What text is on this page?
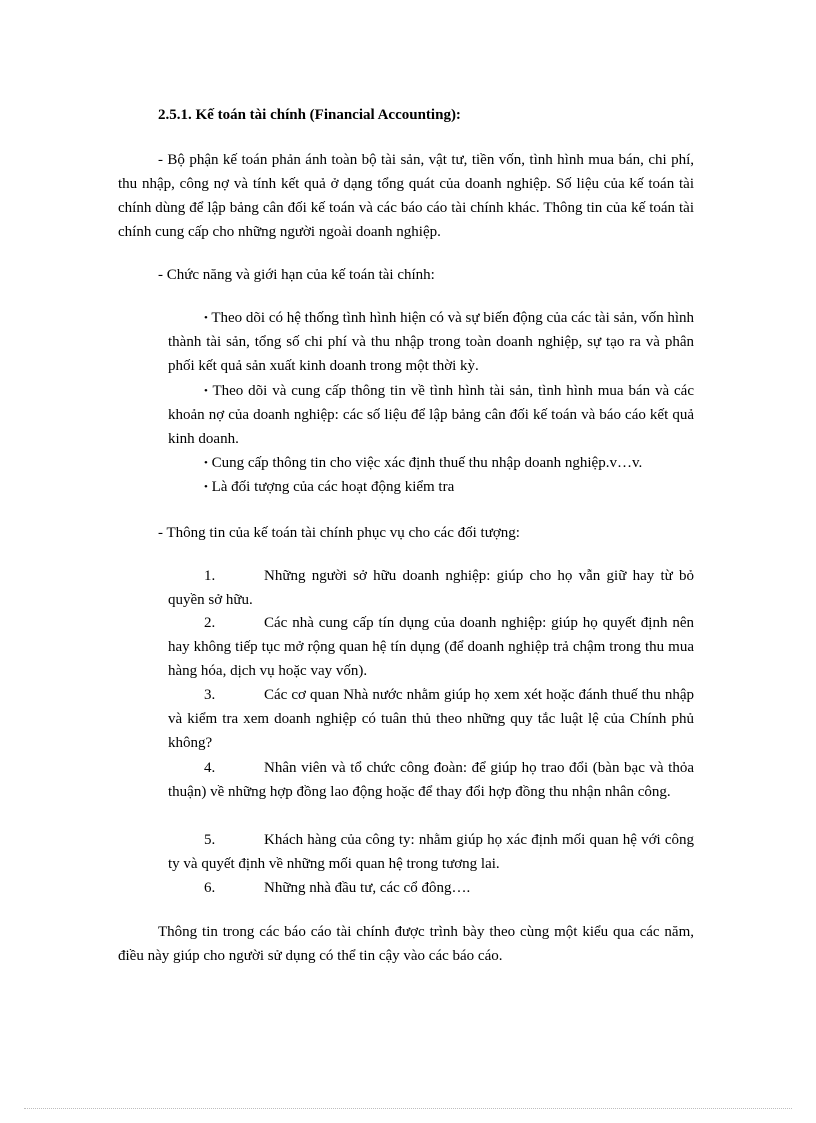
2.5.1. Kế toán tài chính (Financial Accounting):

- Bộ phận kế toán phản ánh toàn bộ tài sản, vật tư, tiền vốn, tình hình mua bán, chi phí, thu nhập, công nợ và tính kết quả ở dạng tổng quát của doanh nghiệp. Số liệu của kế toán tài chính dùng để lập bảng cân đối kế toán và các báo cáo tài chính khác. Thông tin của kế toán tài chính cung cấp cho những người ngoài doanh nghiệp.

- Chức năng và giới hạn của kế toán tài chính:

• Theo dõi có hệ thống tình hình hiện có và sự biến động của các tài sản, vốn hình thành tài sản, tổng số chi phí và thu nhập trong toàn doanh nghiệp, sự tạo ra và phân phối kết quả sản xuất kinh doanh trong một thời kỳ.

• Theo dõi và cung cấp thông tin về tình hình tài sản, tình hình mua bán và các khoản nợ của doanh nghiệp: các số liệu để lập bảng cân đối kế toán và báo cáo kết quả kinh doanh.

• Cung cấp thông tin cho việc xác định thuế thu nhập doanh nghiệp.v…v.

• Là đối tượng của các hoạt động kiểm tra

- Thông tin của kế toán tài chính phục vụ cho các đối tượng:

1.	Những người sở hữu doanh nghiệp: giúp cho họ vẫn giữ hay từ bỏ quyền sở hữu.

2.	Các nhà cung cấp tín dụng của doanh nghiệp: giúp họ quyết định nên hay không tiếp tục mở rộng quan hệ tín dụng (để doanh nghiệp trả chậm trong thu mua hàng hóa, dịch vụ hoặc vay vốn).

3.	Các cơ quan Nhà nước nhằm giúp họ xem xét hoặc đánh thuế thu nhập và kiểm tra xem doanh nghiệp có tuân thủ theo những quy tắc luật lệ của Chính phủ không?

4.	Nhân viên và tổ chức công đoàn: để giúp họ trao đổi (bàn bạc và thỏa thuận) về những hợp đồng lao động hoặc để thay đổi hợp đồng thu nhận nhân công.

5.	Khách hàng của công ty: nhằm giúp họ xác định mối quan hệ với công ty và quyết định về những mối quan hệ trong tương lai.

6.	Những nhà đầu tư, các cổ đông….

Thông tin trong các báo cáo tài chính được trình bày theo cùng một kiểu qua các năm, điều này giúp cho người sử dụng có thể tin cậy vào các báo cáo.
